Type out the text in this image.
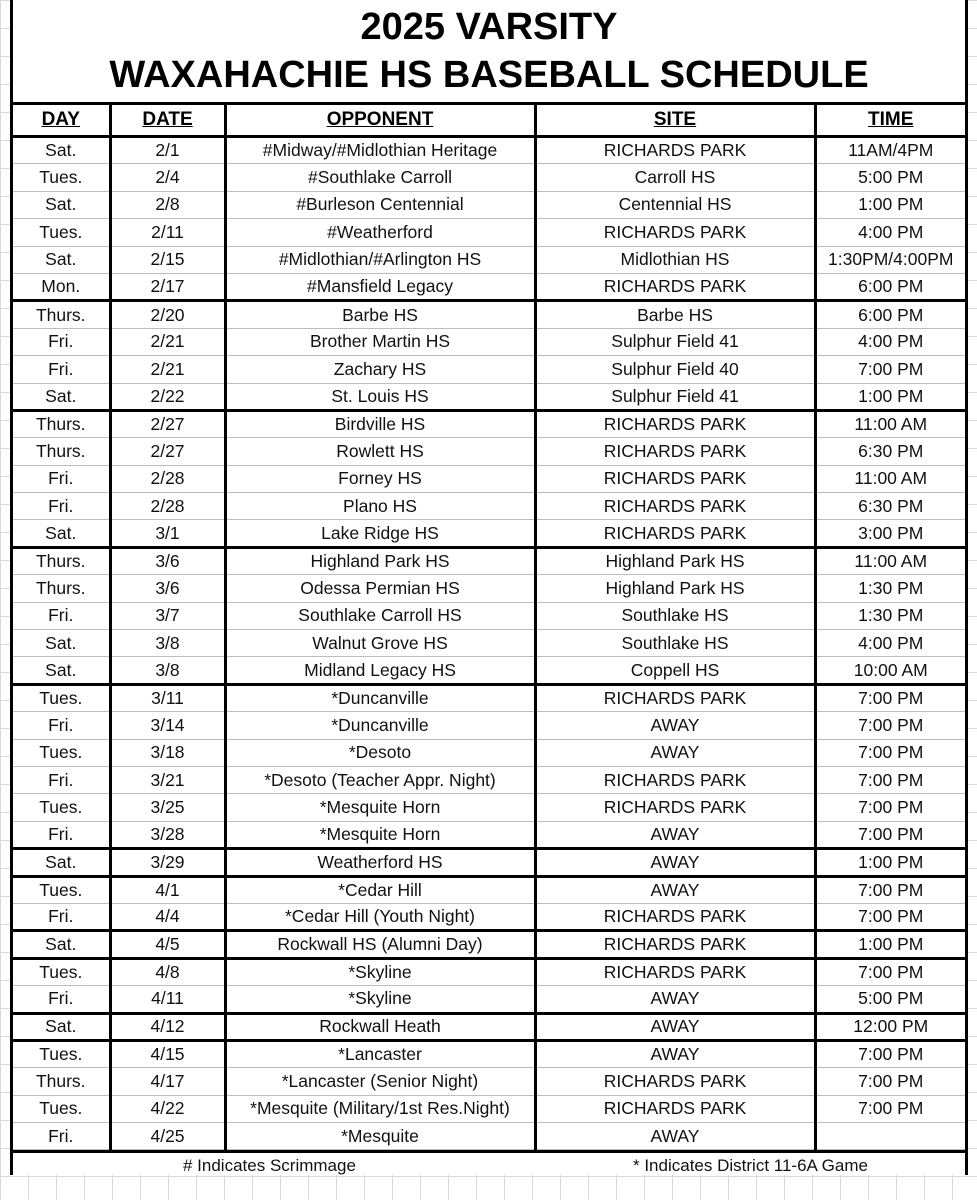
2025 VARSITY
WAXAHACHIE HS BASEBALL SCHEDULE
DAY	DATE	OPPONENT	SITE	TIME
Sat.	2/1	#Midway/#Midlothian Heritage	RICHARDS PARK	11AM/4PM
Tues.	2/4	#Southlake Carroll	Carroll HS	5:00 PM
Sat.	2/8	#Burleson Centennial	Centennial HS	1:00 PM
Tues.	2/11	#Weatherford	RICHARDS PARK	4:00 PM
Sat.	2/15	#Midlothian/#Arlington HS	Midlothian HS	1:30PM/4:00PM
Mon.	2/17	#Mansfield Legacy	RICHARDS PARK	6:00 PM
Thurs.	2/20	Barbe HS	Barbe HS	6:00 PM
Fri.	2/21	Brother Martin HS	Sulphur Field 41	4:00 PM
Fri.	2/21	Zachary HS	Sulphur Field 40	7:00 PM
Sat.	2/22	St. Louis HS	Sulphur Field 41	1:00 PM
Thurs.	2/27	Birdville HS	RICHARDS PARK	11:00 AM
Thurs.	2/27	Rowlett HS	RICHARDS PARK	6:30 PM
Fri.	2/28	Forney HS	RICHARDS PARK	11:00 AM
Fri.	2/28	Plano HS	RICHARDS PARK	6:30 PM
Sat.	3/1	Lake Ridge HS	RICHARDS PARK	3:00 PM
Thurs.	3/6	Highland Park HS	Highland Park HS	11:00 AM
Thurs.	3/6	Odessa Permian HS	Highland Park HS	1:30 PM
Fri.	3/7	Southlake Carroll HS	Southlake HS	1:30 PM
Sat.	3/8	Walnut Grove HS	Southlake HS	4:00 PM
Sat.	3/8	Midland Legacy HS	Coppell HS	10:00 AM
Tues.	3/11	*Duncanville	RICHARDS PARK	7:00 PM
Fri.	3/14	*Duncanville	AWAY	7:00 PM
Tues.	3/18	*Desoto	AWAY	7:00 PM
Fri.	3/21	*Desoto (Teacher Appr. Night)	RICHARDS PARK	7:00 PM
Tues.	3/25	*Mesquite Horn	RICHARDS PARK	7:00 PM
Fri.	3/28	*Mesquite Horn	AWAY	7:00 PM
Sat.	3/29	Weatherford HS	AWAY	1:00 PM
Tues.	4/1	*Cedar Hill	AWAY	7:00 PM
Fri.	4/4	*Cedar Hill (Youth Night)	RICHARDS PARK	7:00 PM
Sat.	4/5	Rockwall HS (Alumni Day)	RICHARDS PARK	1:00 PM
Tues.	4/8	*Skyline	RICHARDS PARK	7:00 PM
Fri.	4/11	*Skyline	AWAY	5:00 PM
Sat.	4/12	Rockwall Heath	AWAY	12:00 PM
Tues.	4/15	*Lancaster	AWAY	7:00 PM
Thurs.	4/17	*Lancaster (Senior Night)	RICHARDS PARK	7:00 PM
Tues.	4/22	*Mesquite (Military/1st Res.Night)	RICHARDS PARK	7:00 PM
Fri.	4/25	*Mesquite	AWAY	
# Indicates Scrimmage	* Indicates District 11-6A Game
